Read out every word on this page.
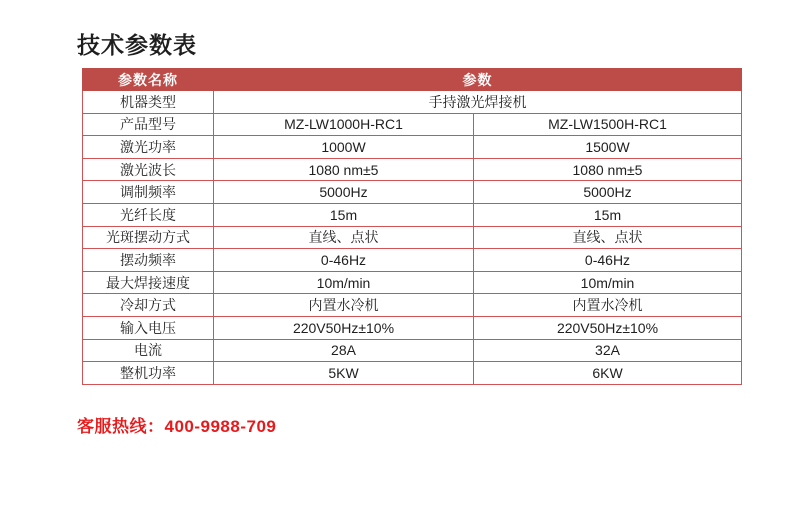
技术参数表
参数名称	参数	
机器类型	手持激光焊接机	
产品型号	MZ-LW1000H-RC1	MZ-LW1500H-RC1
激光功率	1000W	1500W
激光波长	1080 nm±5	1080 nm±5
调制频率	5000Hz	5000Hz
光纤长度	15m	15m
光斑摆动方式	直线、点状	直线、点状
摆动频率	0-46Hz	0-46Hz
最大焊接速度	10m/min	10m/min
冷却方式	内置水冷机	内置水冷机
输入电压	220V50Hz±10%	220V50Hz±10%
电流	28A	32A
整机功率	5KW	6KW
客服热线：400-9988-709
